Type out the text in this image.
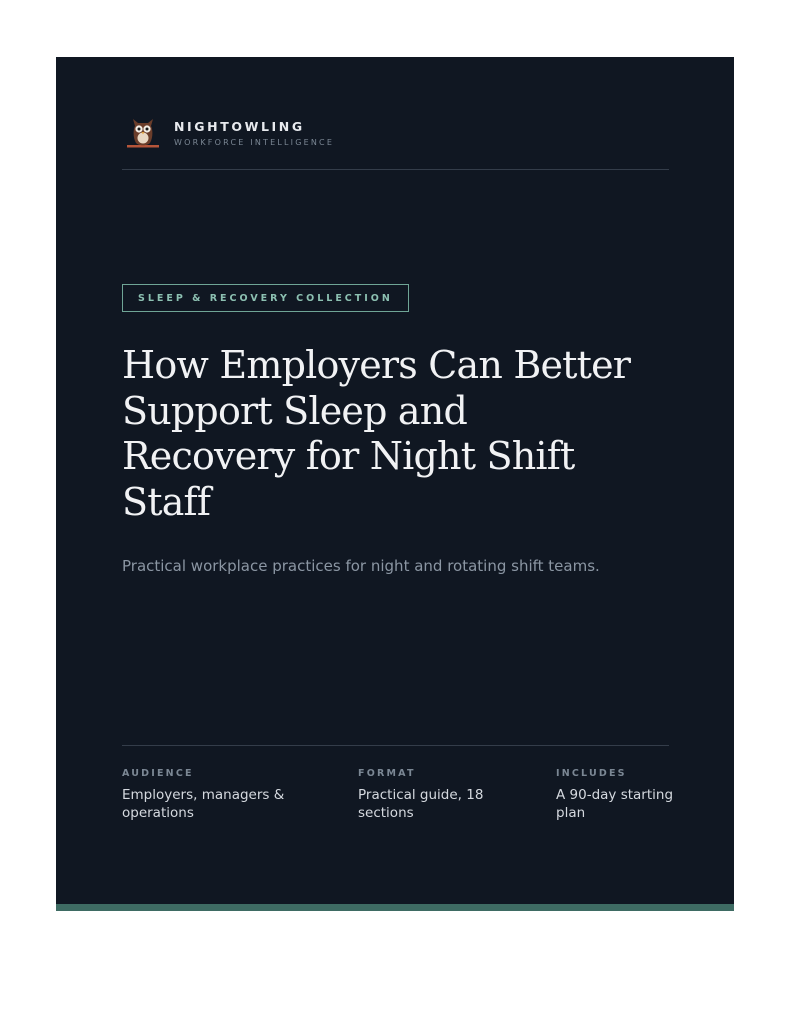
NIGHTOWLING
WORKFORCE INTELLIGENCE
SLEEP & RECOVERY COLLECTION
How Employers Can Better Support Sleep and Recovery for Night Shift Staff

Practical workplace practices for night and rotating shift teams.

AUDIENCE
Employers, managers & operations
FORMAT
Practical guide, 18 sections
INCLUDES
A 90-day starting plan
